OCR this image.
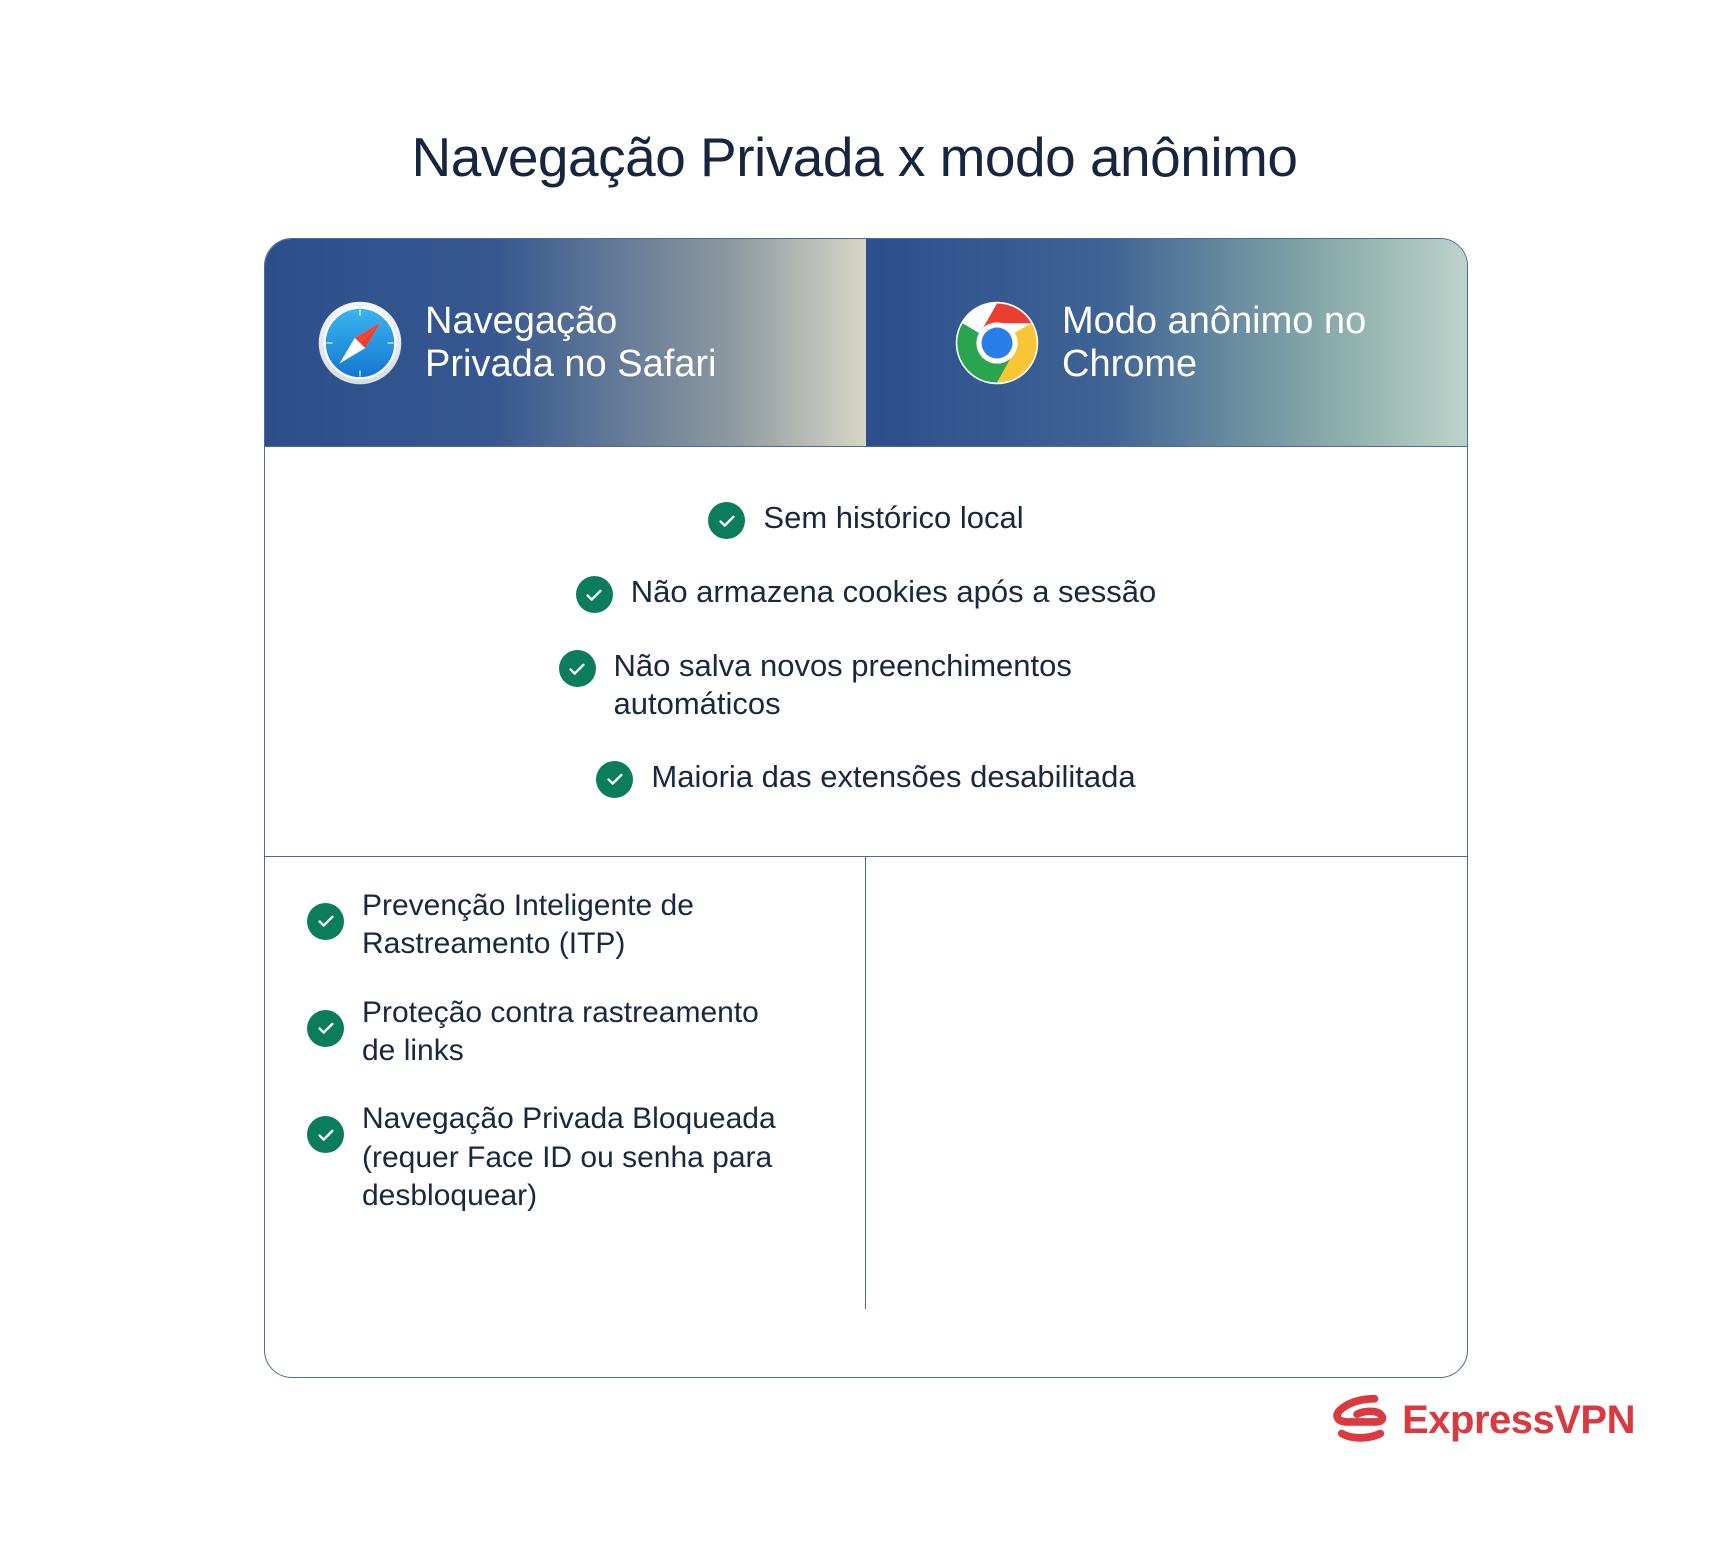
Navegação Privada x modo anônimo
Navegação Privada no Safari
Modo anônimo no Chrome
Sem histórico local
Não armazena cookies após a sessão
Não salva novos preenchimentos automáticos
Maioria das extensões desabilitada
Prevenção Inteligente de Rastreamento (ITP)
Proteção contra rastreamento de links
Navegação Privada Bloqueada (requer Face ID ou senha para desbloquear)
ExpressVPN
